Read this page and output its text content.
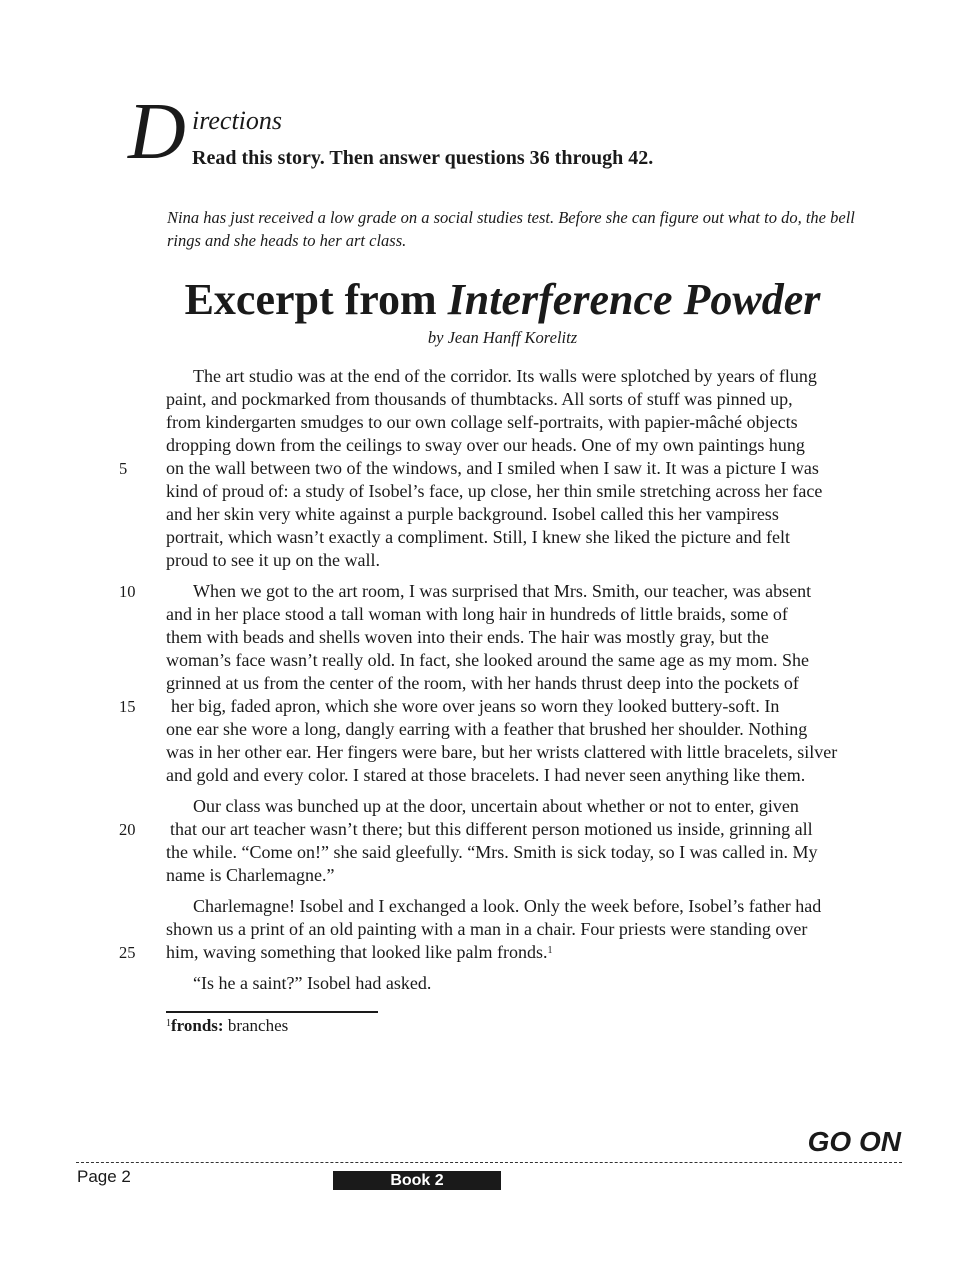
D irections
Read this story. Then answer questions 36 through 42.
Nina has just received a low grade on a social studies test. Before she can figure out what to do, the bell rings and she heads to her art class.
Excerpt from Interference Powder
by Jean Hanff Korelitz
The art studio was at the end of the corridor. Its walls were splotched by years of flung
paint, and pockmarked from thousands of thumbtacks. All sorts of stuff was pinned up,
from kindergarten smudges to our own collage self-portraits, with papier-mâché objects
dropping down from the ceilings to sway over our heads. One of my own paintings hung
on the wall between two of the windows, and I smiled when I saw it. It was a picture I was
kind of proud of: a study of Isobel’s face, up close, her thin smile stretching across her face
and her skin very white against a purple background. Isobel called this her vampiress
portrait, which wasn’t exactly a compliment. Still, I knew she liked the picture and felt
proud to see it up on the wall.
When we got to the art room, I was surprised that Mrs. Smith, our teacher, was absent
and in her place stood a tall woman with long hair in hundreds of little braids, some of
them with beads and shells woven into their ends. The hair was mostly gray, but the
woman’s face wasn’t really old. In fact, she looked around the same age as my mom. She
grinned at us from the center of the room, with her hands thrust deep into the pockets of
her big, faded apron, which she wore over jeans so worn they looked buttery-soft. In
one ear she wore a long, dangly earring with a feather that brushed her shoulder. Nothing
was in her other ear. Her fingers were bare, but her wrists clattered with little bracelets, silver
and gold and every color. I stared at those bracelets. I had never seen anything like them.
Our class was bunched up at the door, uncertain about whether or not to enter, given
that our art teacher wasn’t there; but this different person motioned us inside, grinning all
the while. “Come on!” she said gleefully. “Mrs. Smith is sick today, so I was called in. My
name is Charlemagne.”
Charlemagne! Isobel and I exchanged a look. Only the week before, Isobel’s father had
shown us a print of an old painting with a man in a chair. Four priests were standing over
him, waving something that looked like palm fronds.$^1$
“Is he a saint?” Isobel had asked.
5
10
15
20
25
$^1$fronds: branches
GO ON
Page 2	Book 2
